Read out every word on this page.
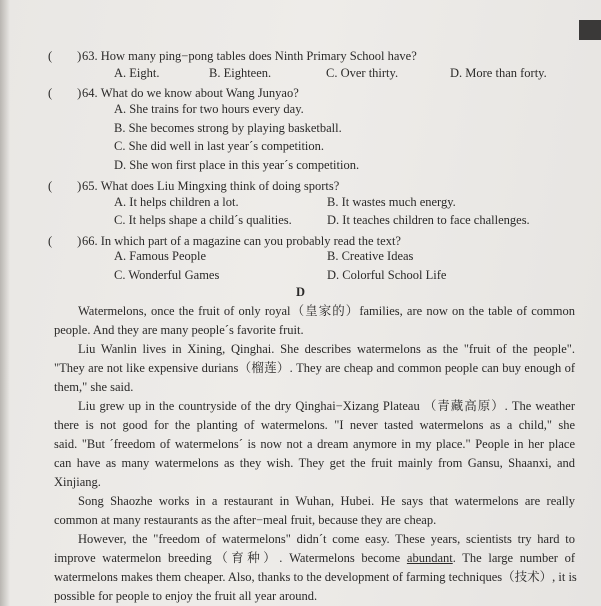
(　　)63. How many ping−pong tables does Ninth Primary School have?
A. Eight.	B. Eighteen.	C. Over thirty.	D. More than forty.
(　　)64. What do we know about Wang Junyao?
A. She trains for two hours every day.
B. She becomes strong by playing basketball.
C. She did well in last year´s competition.
D. She won first place in this year´s competition.
(　　)65. What does Liu Mingxing think of doing sports?
A. It helps children a lot.	B. It wastes much energy.
C. It helps shape a child´s qualities.	D. It teaches children to face challenges.
(　　)66. In which part of a magazine can you probably read the text?
A. Famous People	B. Creative Ideas
C. Wonderful Games	D. Colorful School Life
D
Watermelons, once the fruit of only royal（皇家的）families, are now on the table of common
people. And they are many people´s favorite fruit.
Liu Wanlin lives in Xining, Qinghai. She describes watermelons as the "fruit of the people".
"They are not like expensive durians（榴莲）. They are cheap and common people can buy enough of
them," she said.
Liu grew up in the countryside of the dry Qinghai−Xizang Plateau （青藏高原）. The weather
there is not good for the planting of watermelons. "I never tasted watermelons as a child," she
said. "But ´freedom of watermelons´ is now not a dream anymore in my place." People in her place
can have as many watermelons as they wish. They get the fruit mainly from Gansu, Shaanxi, and
Xinjiang.
Song Shaozhe works in a restaurant in Wuhan, Hubei. He says that watermelons are really
common at many restaurants as the after−meal fruit, because they are cheap.
However, the "freedom of watermelons" didn´t come easy. These years, scientists try hard to
improve watermelon breeding（育种）. Watermelons become abundant. The large number of
watermelons makes them cheaper. Also, thanks to the development of farming techniques（技术）, it is
possible for people to enjoy the fruit all year around.
